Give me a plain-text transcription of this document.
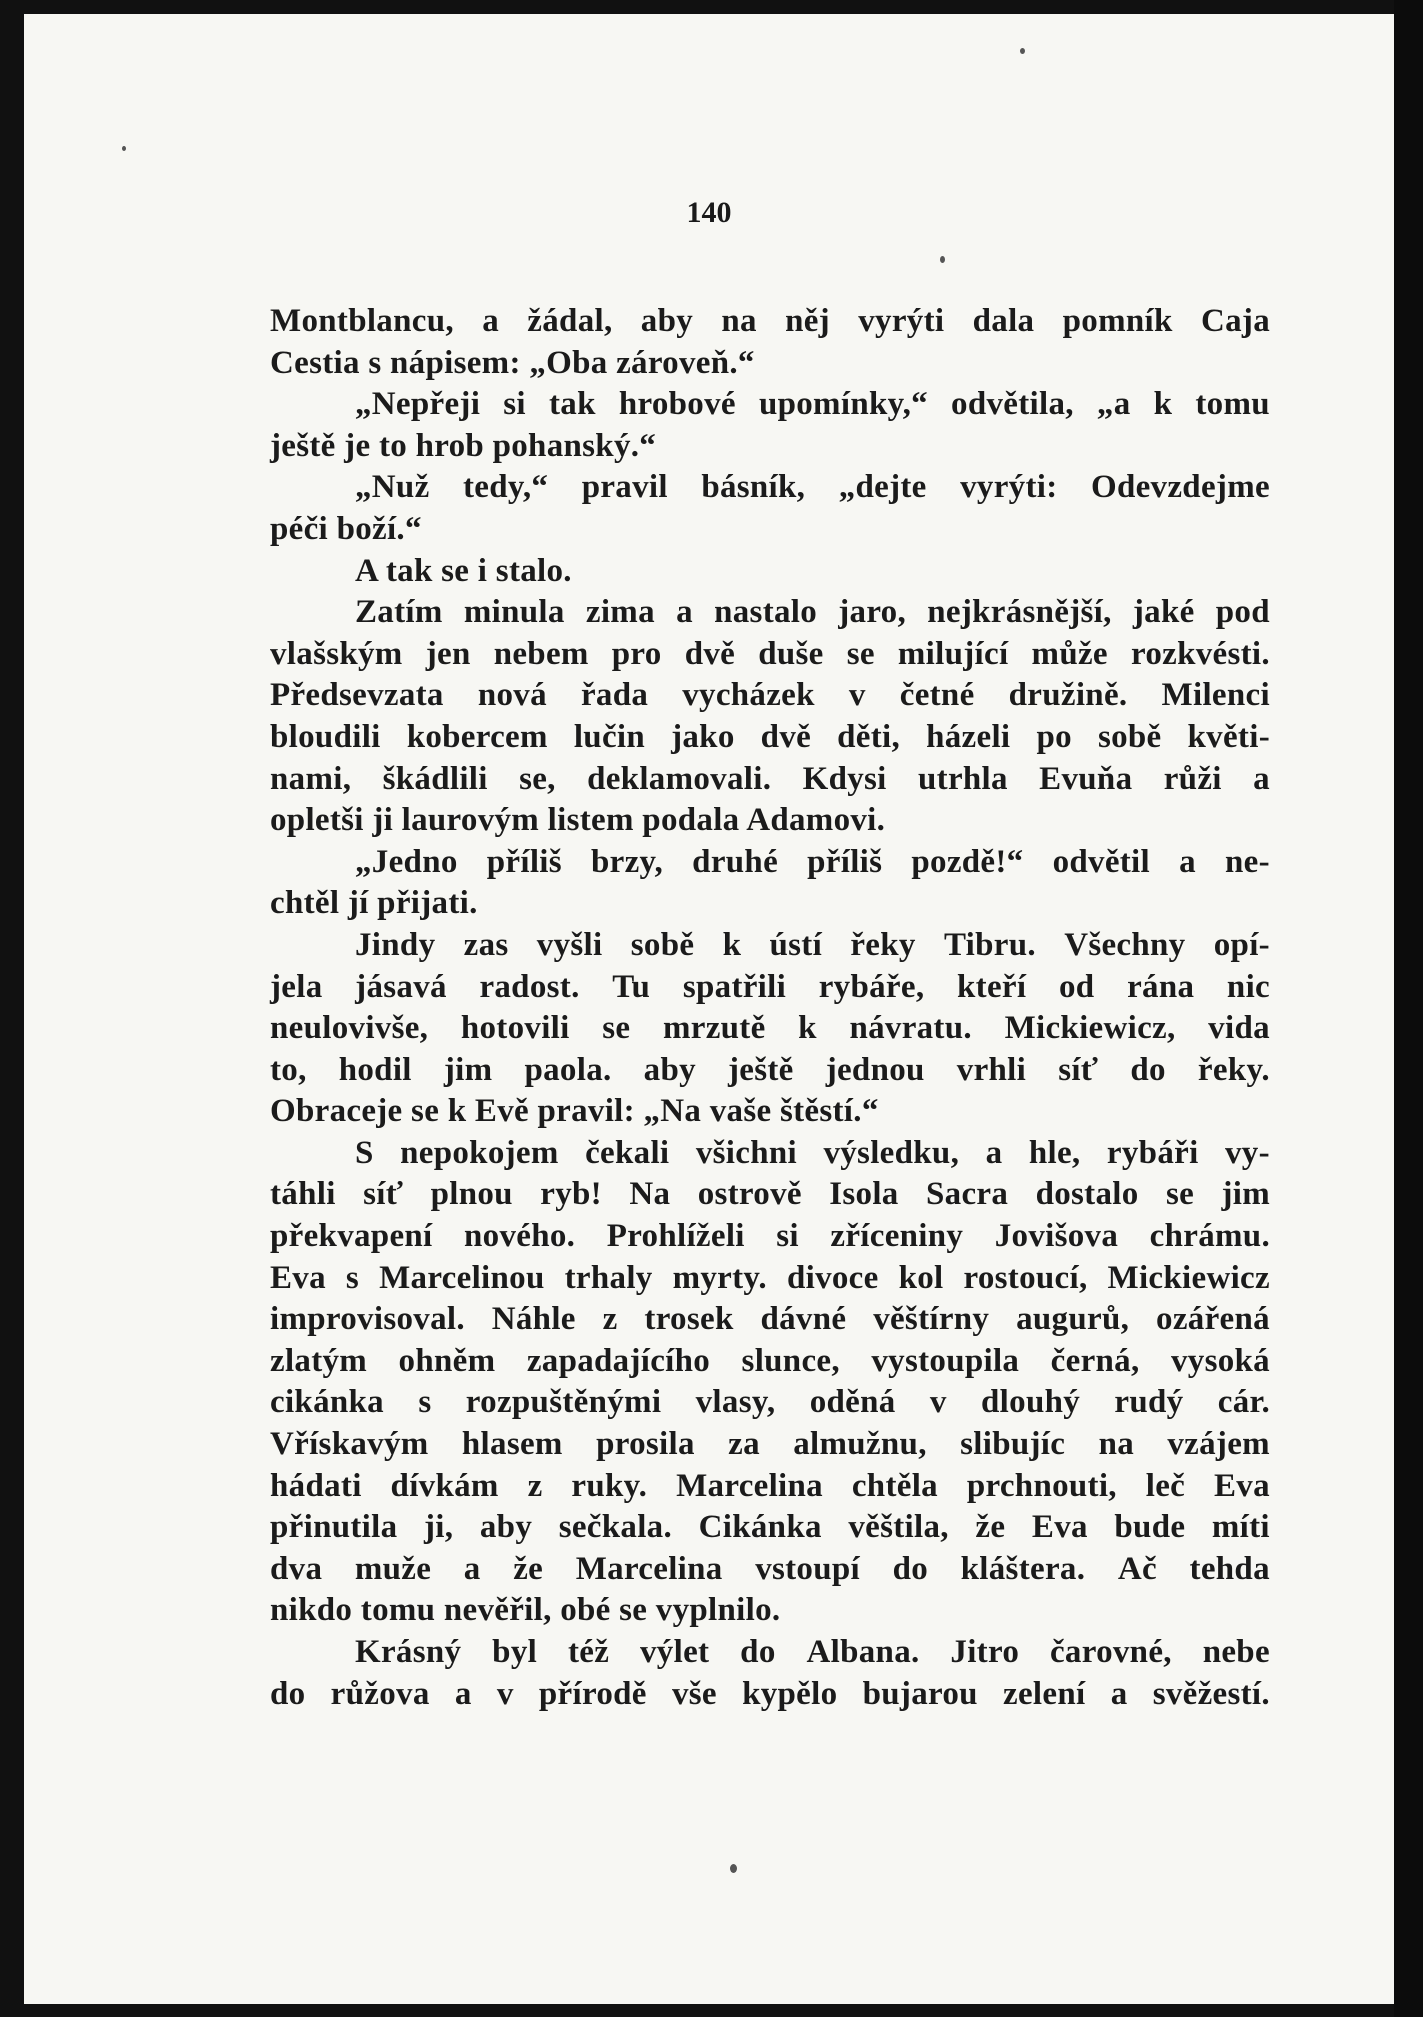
140
Montblancu, a žádal, aby na něj vyrýti dala pomník Caja
Cestia s nápisem: „Oba zároveň.“
„Nepřeji si tak hrobové upomínky,“ odvětila, „a k tomu
ještě je to hrob pohanský.“
„Nuž tedy,“ pravil básník, „dejte vyrýti: Odevzdejme
péči boží.“
A tak se i stalo.
Zatím minula zima a nastalo jaro, nejkrásnější, jaké pod
vlašským jen nebem pro dvě duše se milující může rozkvésti.
Předsevzata nová řada vycházek v četné družině. Milenci
bloudili kobercem lučin jako dvě děti, házeli po sobě květi-
nami, škádlili se, deklamovali. Kdysi utrhla Evuňa růži a
opletši ji laurovým listem podala Adamovi.
„Jedno příliš brzy, druhé příliš pozdě!“ odvětil a ne-
chtěl jí přijati.
Jindy zas vyšli sobě k ústí řeky Tibru. Všechny opí-
jela jásavá radost. Tu spatřili rybáře, kteří od rána nic
neulovivše, hotovili se mrzutě k návratu. Mickiewicz, vida
to, hodil jim paola. aby ještě jednou vrhli síť do řeky.
Obraceje se k Evě pravil: „Na vaše štěstí.“
S nepokojem čekali všichni výsledku, a hle, rybáři vy-
táhli síť plnou ryb! Na ostrově Isola Sacra dostalo se jim
překvapení nového. Prohlíželi si zříceniny Jovišova chrámu.
Eva s Marcelinou trhaly myrty. divoce kol rostoucí, Mickiewicz
improvisoval. Náhle z trosek dávné věštírny augurů, ozářená
zlatým ohněm zapadajícího slunce, vystoupila černá, vysoká
cikánka s rozpuštěnými vlasy, oděná v dlouhý rudý cár.
Vřískavým hlasem prosila za almužnu, slibujíc na vzájem
hádati dívkám z ruky. Marcelina chtěla prchnouti, leč Eva
přinutila ji, aby sečkala. Cikánka věštila, že Eva bude míti
dva muže a že Marcelina vstoupí do kláštera. Ač tehda
nikdo tomu nevěřil, obé se vyplnilo.
Krásný byl též výlet do Albana. Jitro čarovné, nebe
do růžova a v přírodě vše kypělo bujarou zelení a svěžestí.
